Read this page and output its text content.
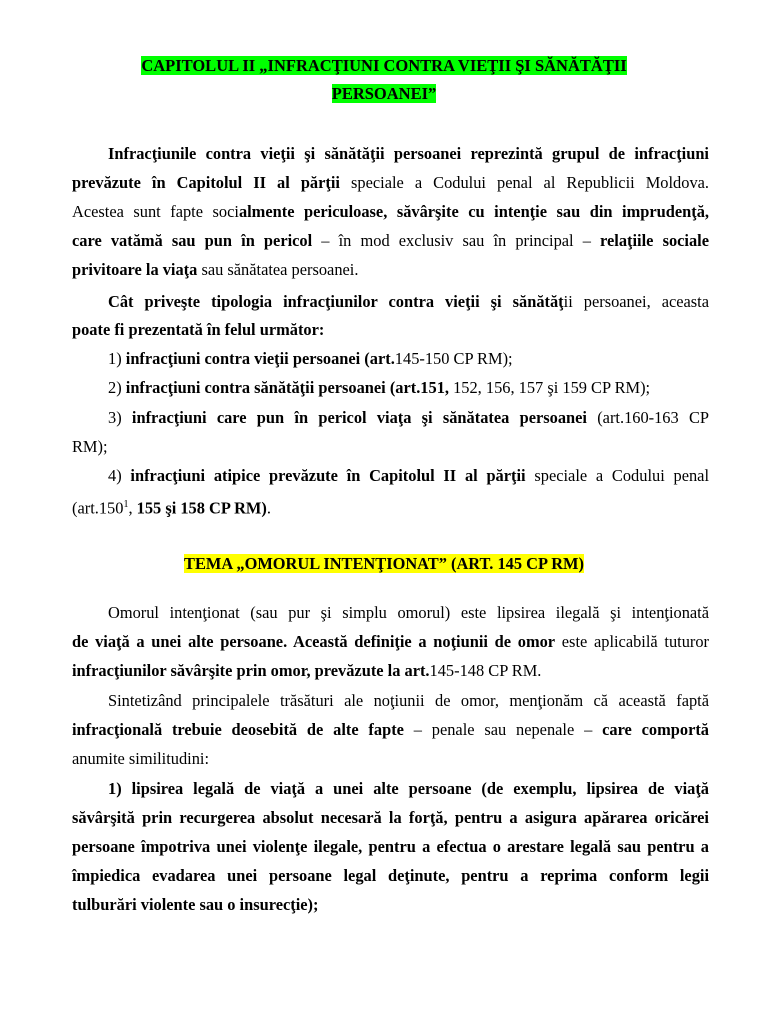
CAPITOLUL II „INFRACŢIUNI CONTRA VIEŢII ŞI SĂNĂTĂŢII
PERSOANEI”
Infracţiunile contra vieţii şi sănătăţii persoanei reprezintă grupul de infracţiuni
prevăzute în Capitolul II al părţii speciale a Codului penal al Republicii Moldova.
Acestea sunt fapte socialmente periculoase, săvârşite cu intenţie sau din imprudenţă,
care vatămă sau pun în pericol – în mod exclusiv sau în principal – relaţiile sociale
privitoare la viaţa sau sănătatea persoanei.
Cât priveşte tipologia infracţiunilor contra vieţii şi sănătăţii persoanei, aceasta
poate fi prezentată în felul următor:
1) infracţiuni contra vieţii persoanei (art.145-150 CP RM);
2) infracţiuni contra sănătăţii persoanei (art.151, 152, 156, 157 şi 159 CP RM);
3) infracţiuni care pun în pericol viaţa şi sănătatea persoanei (art.160-163 CP
RM);
4) infracţiuni atipice prevăzute în Capitolul II al părţii speciale a Codului penal
(art.150$^1$, 155 şi 158 CP RM).
TEMA „OMORUL INTENŢIONAT” (ART. 145 CP RM)
Omorul intenţionat (sau pur şi simplu omorul) este lipsirea ilegală şi intenţionată
de viaţă a unei alte persoane. Această definiţie a noţiunii de omor este aplicabilă tuturor
infracţiunilor săvârşite prin omor, prevăzute la art.145-148 CP RM.
Sintetizând principalele trăsături ale noţiunii de omor, menţionăm că această faptă
infracţională trebuie deosebită de alte fapte – penale sau nepenale – care comportă
anumite similitudini:
1) lipsirea legală de viaţă a unei alte persoane (de exemplu, lipsirea de viaţă
săvârşită prin recurgerea absolut necesară la forţă, pentru a asigura apărarea oricărei
persoane împotriva unei violenţe ilegale, pentru a efectua o arestare legală sau pentru a
împiedica evadarea unei persoane legal deţinute, pentru a reprima conform legii
tulburări violente sau o insurecţie);
